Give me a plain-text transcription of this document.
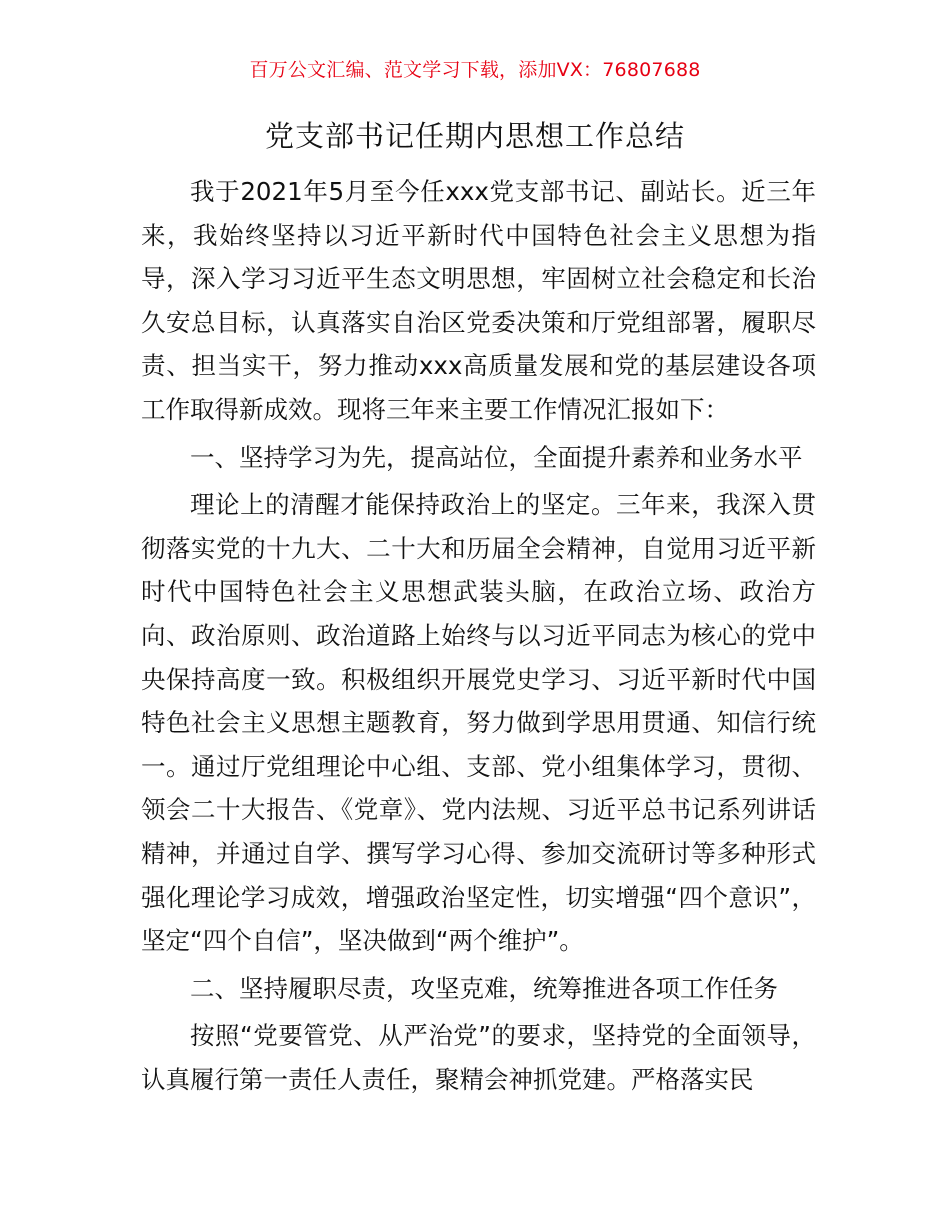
百万公文汇编、范文学习下载，添加VX：76807688
党支部书记任期内思想工作总结

我于2021年5月至今任xxx党支部书记、副站长。近三年来，我始终坚持以习近平新时代中国特色社会主义思想为指导，深入学习习近平生态文明思想，牢固树立社会稳定和长治久安总目标，认真落实自治区党委决策和厅党组部署，履职尽责、担当实干，努力推动xxx高质量发展和党的基层建设各项工作取得新成效。现将三年来主要工作情况汇报如下：

一、坚持学习为先，提高站位，全面提升素养和业务水平

理论上的清醒才能保持政治上的坚定。三年来，我深入贯彻落实党的十九大、二十大和历届全会精神，自觉用习近平新时代中国特色社会主义思想武装头脑，在政治立场、政治方向、政治原则、政治道路上始终与以习近平同志为核心的党中央保持高度一致。积极组织开展党史学习、习近平新时代中国特色社会主义思想主题教育，努力做到学思用贯通、知信行统一。通过厅党组理论中心组、支部、党小组集体学习，贯彻、领会二十大报告、《党章》、党内法规、习近平总书记系列讲话精神，并通过自学、撰写学习心得、参加交流研讨等多种形式强化理论学习成效，增强政治坚定性，切实增强“四个意识”，坚定“四个自信”，坚决做到“两个维护”。

二、坚持履职尽责，攻坚克难，统筹推进各项工作任务

按照“党要管党、从严治党”的要求，坚持党的全面领导，认真履行第一责任人责任，聚精会神抓党建。严格落实民
